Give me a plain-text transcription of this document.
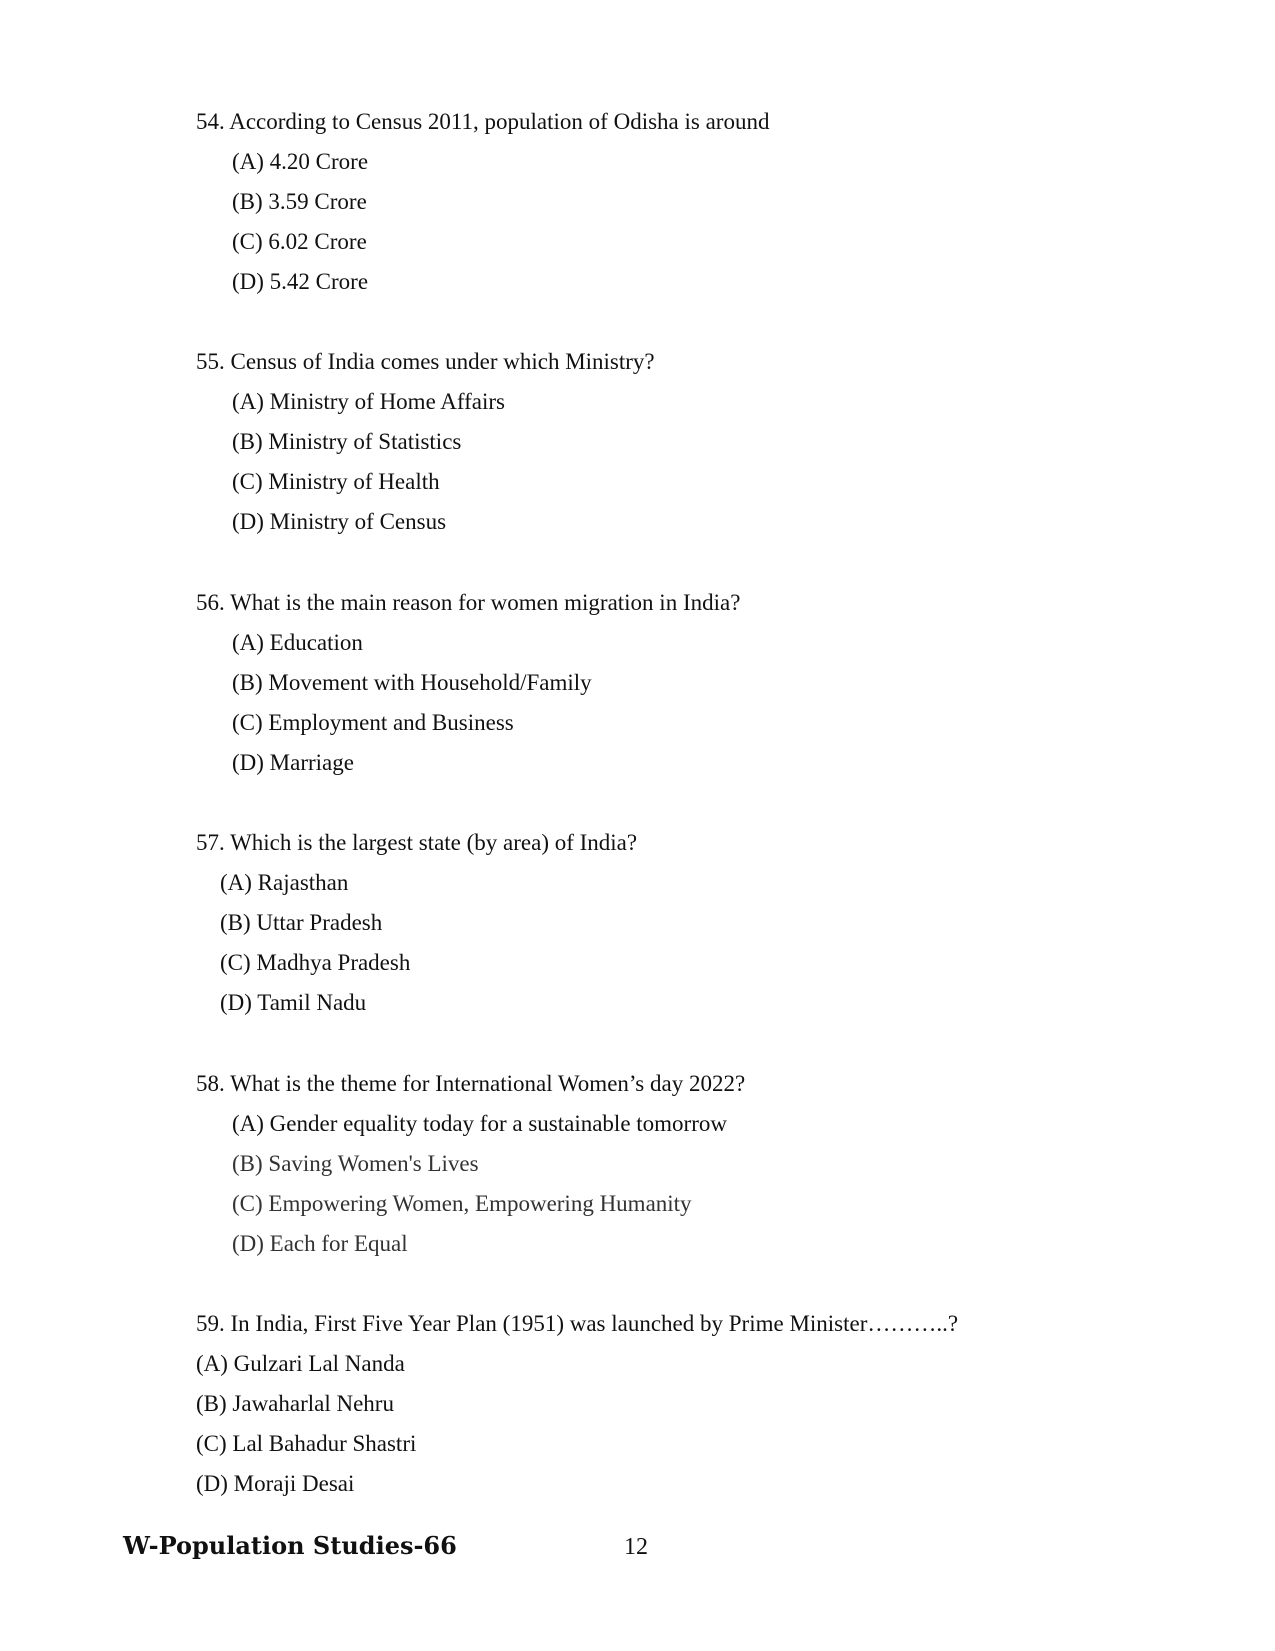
54. According to Census 2011, population of Odisha is around
(A) 4.20 Crore
(B) 3.59 Crore
(C) 6.02 Crore
(D) 5.42 Crore
55. Census of India comes under which Ministry?
(A) Ministry of Home Affairs
(B) Ministry of Statistics
(C) Ministry of Health
(D) Ministry of Census
56. What is the main reason for women migration in India?
(A) Education
(B) Movement with Household/Family
(C) Employment and Business
(D) Marriage
57. Which is the largest state (by area) of India?
(A) Rajasthan
(B) Uttar Pradesh
(C) Madhya Pradesh
(D) Tamil Nadu
58. What is the theme for International Women’s day 2022?
(A) Gender equality today for a sustainable tomorrow
(B) Saving Women's Lives
(C) Empowering Women, Empowering Humanity
(D) Each for Equal
59. In India, First Five Year Plan (1951) was launched by Prime Minister………..?
(A) Gulzari Lal Nanda
(B) Jawaharlal Nehru
(C) Lal Bahadur Shastri
(D) Moraji Desai
W-Population Studies-66	12
